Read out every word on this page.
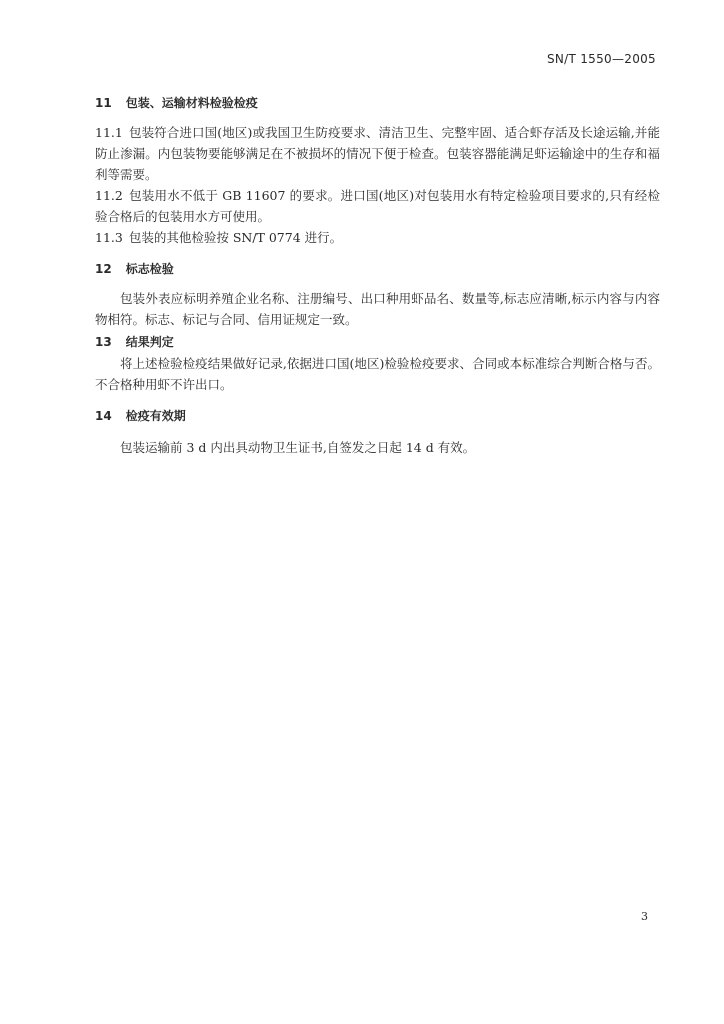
SN/T 1550—2005
11 包装、运输材料检验检疫
11.1 包装符合进口国(地区)或我国卫生防疫要求、清洁卫生、完整牢固、适合虾存活及长途运输,并能防止渗漏。内包装物要能够满足在不被损坏的情况下便于检查。包装容器能满足虾运输途中的生存和福利等需要。
11.2 包装用水不低于 GB 11607 的要求。进口国(地区)对包装用水有特定检验项目要求的,只有经检验合格后的包装用水方可使用。
11.3 包装的其他检验按 SN/T 0774 进行。
12 标志检验
包装外表应标明养殖企业名称、注册编号、出口种用虾品名、数量等,标志应清晰,标示内容与内容物相符。标志、标记与合同、信用证规定一致。
13 结果判定
将上述检验检疫结果做好记录,依据进口国(地区)检验检疫要求、合同或本标准综合判断合格与否。不合格种用虾不许出口。
14 检疫有效期
包装运输前 3 d 内出具动物卫生证书,自签发之日起 14 d 有效。
3
